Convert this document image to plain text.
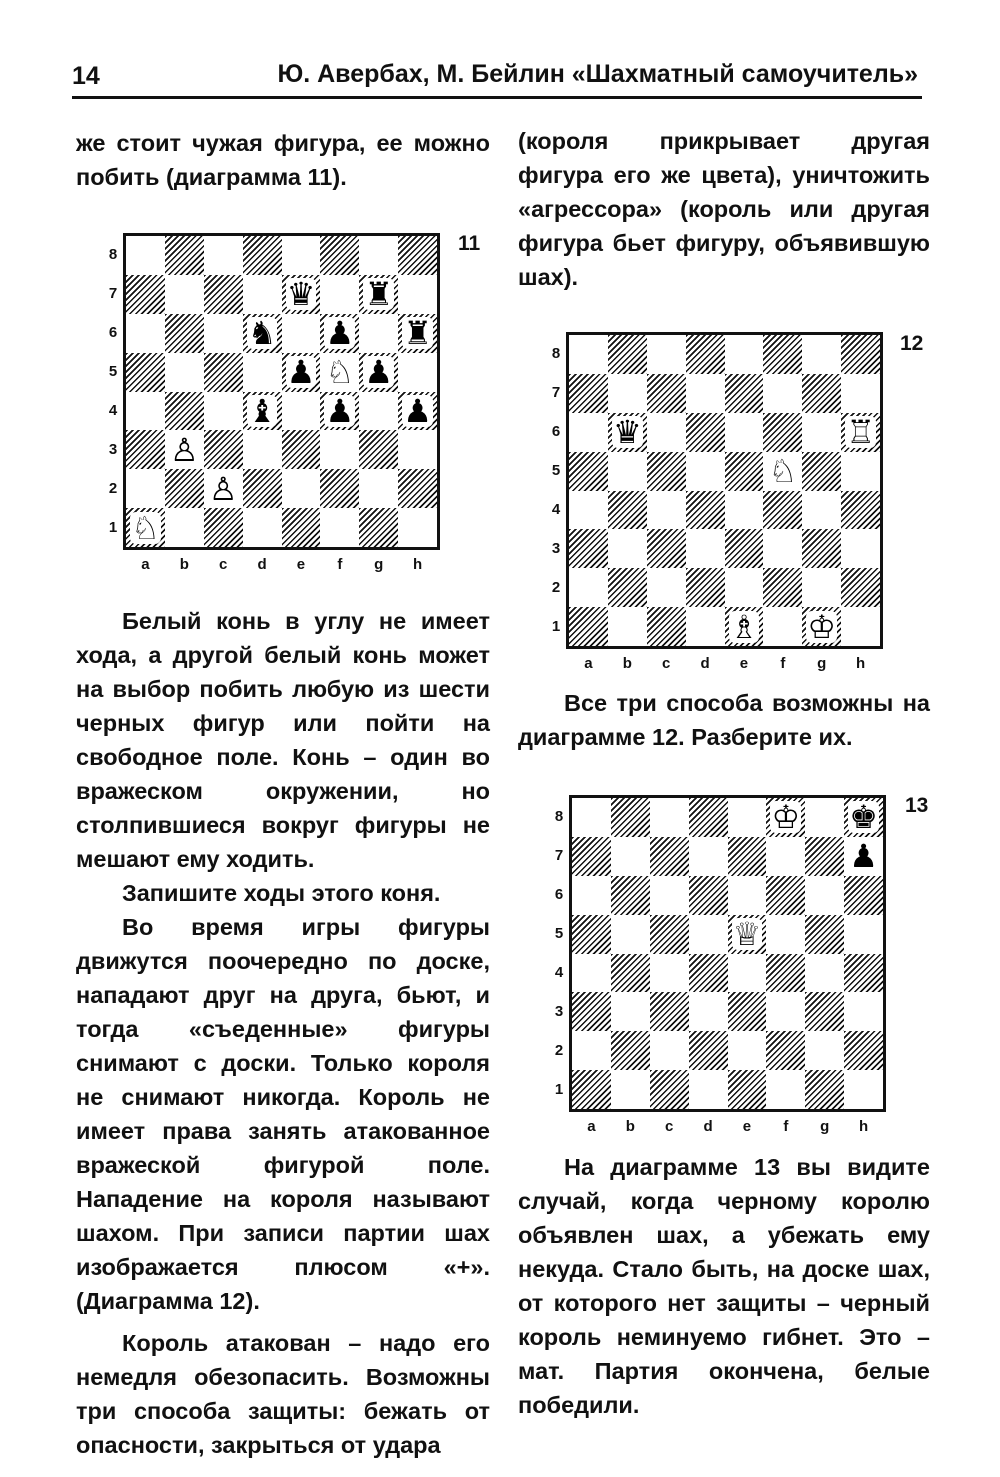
14	Ю. Авербах, М. Бейлин «Шахматный самоучитель»

же стоит чужая фигура, ее можно побить (диаграмма 11).

11
♛ ♜
♞ ♟ ♜
♟ ♘ ♟
♝ ♟ ♟
♙
♙
♘

Белый конь в углу не имеет хода, а другой белый конь может на выбор побить любую из шести черных фигур или пойти на свободное поле. Конь – один во вражеском окружении, но столпившиеся вокруг фигуры не мешают ему ходить.

Запишите ходы этого коня.

Во время игры фигуры движутся поочередно по доске, нападают друг на друга, бьют, и тогда «съеденные» фигуры снимают с доски. Только короля не снимают никогда. Король не имеет права занять атакованное вражеской фигурой поле. Нападение на короля называют шахом. При записи партии шах изображается плюсом «+». (Диаграмма 12).

Король атакован – надо его немедля обезопасить. Возможны три способа защиты: бежать от опасности, закрыться от удара

(короля прикрывает другая фигура его же цвета), уничтожить «агрессора» (король или другая фигура бьет фигуру, объявившую шах).

12
♛	♖
♘
♗ ♔

Все три способа возможны на диаграмме 12. Разберите их.

13
♔ ♚
♟
♕

На диаграмме 13 вы видите случай, когда черному королю объявлен шах, а убежать ему некуда. Стало быть, на доске шах, от которого нет защиты – черный король неминуемо гибнет. Это – мат. Партия окончена, белые победили.

8
7
6
5
4
3
2
1
a b c d e	f	g h
8
7
6
5
4
3
2
1
a b c d e	f	g h
8
7
6
5
4
3
2
1
a b c d e	f	g h
